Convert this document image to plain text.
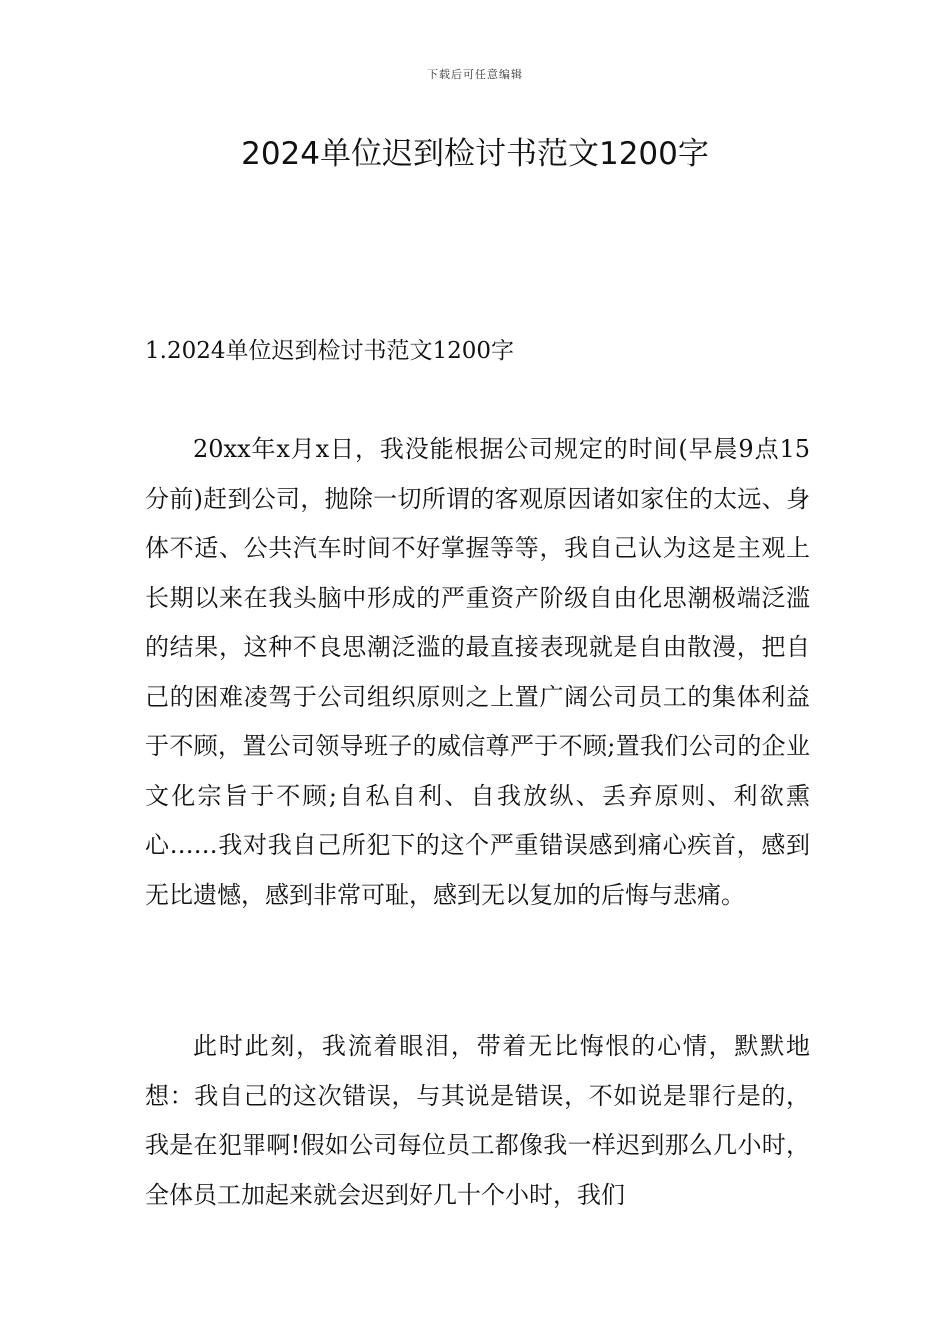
下载后可任意编辑
2024单位迟到检讨书范文1200字
1.2024单位迟到检讨书范文1200字

20xx年x月x日，我没能根据公司规定的时间(早晨9点15分前)赶到公司，抛除一切所谓的客观原因诸如家住的太远、身体不适、公共汽车时间不好掌握等等，我自己认为这是主观上长期以来在我头脑中形成的严重资产阶级自由化思潮极端泛滥的结果，这种不良思潮泛滥的最直接表现就是自由散漫，把自己的困难凌驾于公司组织原则之上置广阔公司员工的集体利益于不顾，置公司领导班子的威信尊严于不顾;置我们公司的企业文化宗旨于不顾;自私自利、自我放纵、丢弃原则、利欲熏心……我对我自己所犯下的这个严重错误感到痛心疾首，感到无比遗憾，感到非常可耻，感到无以复加的后悔与悲痛。

此时此刻，我流着眼泪，带着无比悔恨的心情，默默地想：我自己的这次错误，与其说是错误，不如说是罪行是的，我是在犯罪啊!假如公司每位员工都像我一样迟到那么几小时，全体员工加起来就会迟到好几十个小时，我们
